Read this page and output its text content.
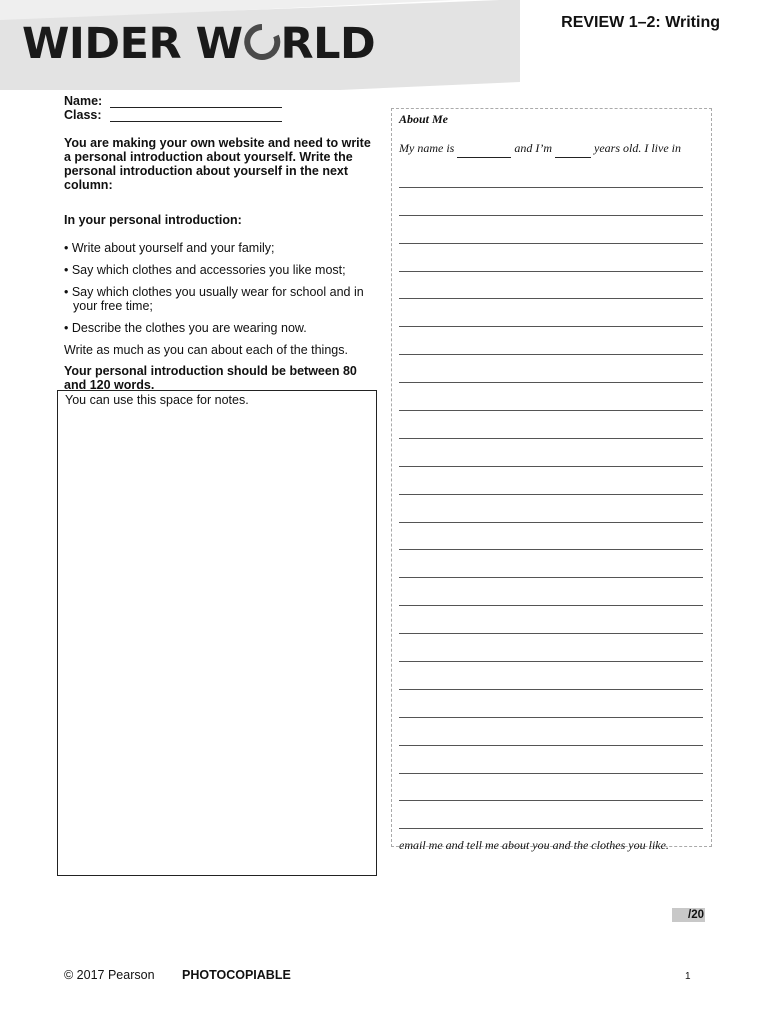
WIDER W RLD	REVIEW 1–2: Writing
Name:
Class:
You are making your own website and need to write a personal introduction about yourself. Write the personal introduction about yourself in the next column:
In your personal introduction:
• Write about yourself and your family;
• Say which clothes and accessories you like most;
• Say which clothes you usually wear for school and in your free time;
• Describe the clothes you are wearing now.
Write as much as you can about each of the things.
Your personal introduction should be between 80 and 120 words.
You can use this space for notes.
About Me
My name is	and I’m	years old. I live in
email me and tell me about you and the clothes you like.
/20
© 2017 Pearson PHOTOCOPIABLE	1
